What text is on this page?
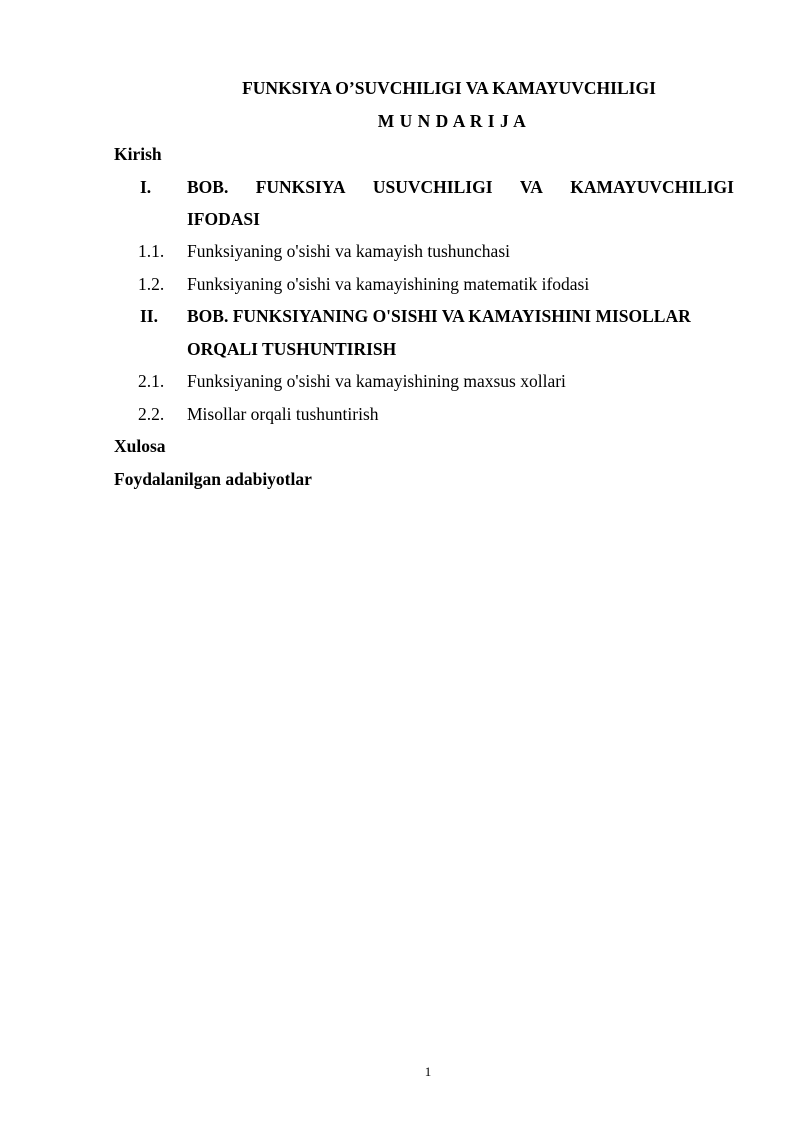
FUNKSIYA O’SUVCHILIGI VA KAMAYUVCHILIGI
M U N D A R I J A
Kirish
I. BOB. FUNKSIYA USUVCHILIGI VA KAMAYUVCHILIGI
IFODASI
1.1. Funksiyaning o'sishi va kamayish tushunchasi
1.2. Funksiyaning o'sishi va kamayishining matematik ifodasi
II. BOB. FUNKSIYANING O'SISHI VA KAMAYISHINI MISOLLAR
ORQALI TUSHUNTIRISH
2.1. Funksiyaning o'sishi va kamayishining maxsus xollari
2.2. Misollar orqali tushuntirish
Xulosa
Foydalanilgan adabiyotlar
1
